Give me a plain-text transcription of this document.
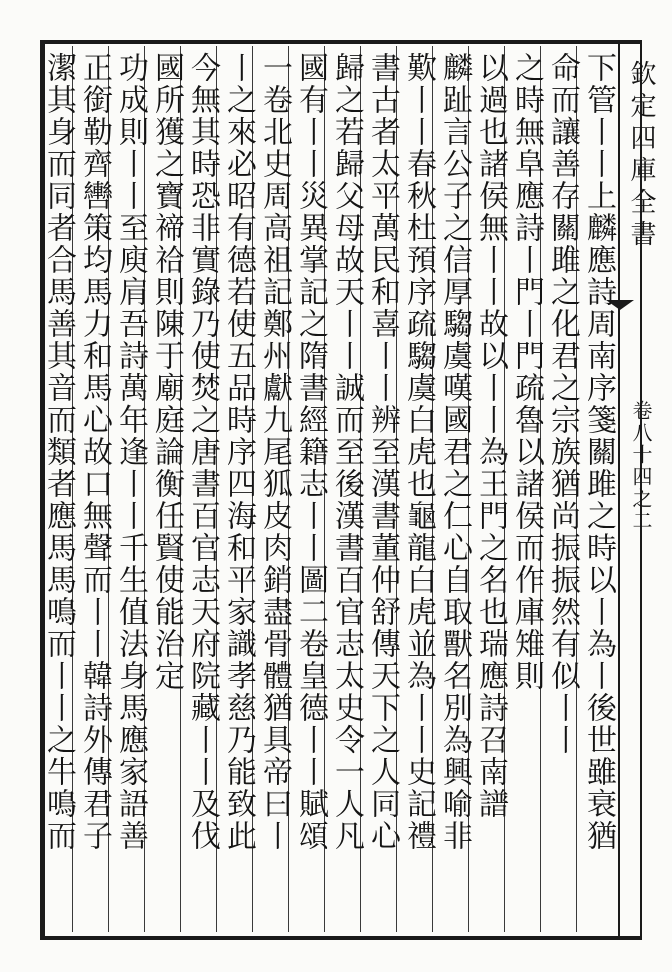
欽定四庫全書
卷八十四之二
下管丨丨上麟應詩周南序箋關雎之時以丨為丨後世雖衰猶
命而讓善存關雎之化君之宗族猶尚振振然有似丨丨
之時無阜應詩丨門丨門疏魯以諸侯而作庫雉則
以過也諸侯無丨丨故以丨丨為王門之名也瑞應詩召南譜
麟趾言公子之信厚騶虞嘆國君之仁心自取獸名別為興喻非
歎丨丨春秋杜預序疏騶虞白虎也龜龍白虎並為丨丨史記禮
書古者太平萬民和喜丨丨辨至漢書董仲舒傳天下之人同心
歸之若歸父母故天丨丨誠而至後漢書百官志太史令一人凡
國有丨丨災異掌記之隋書經籍志丨丨圖二卷皇德丨丨賦頌
一卷北史周高祖記鄭州獻九尾狐皮肉銷盡骨體猶具帝曰丨
丨之來必昭有德若使五品時序四海和平家識孝慈乃能致此
今無其時恐非實錄乃使焚之唐書百官志天府院藏丨丨及伐
國所獲之寶禘祫則陳于廟庭論衡任賢使能治定
功成則丨丨至庾肩吾詩萬年逢丨丨千生值法身馬應家語善
正銜勒齊轡策均馬力和馬心故口無聲而丨丨韓詩外傳君子
潔其身而同者合馬善其音而類者應馬馬鳴而丨丨之牛鳴而
